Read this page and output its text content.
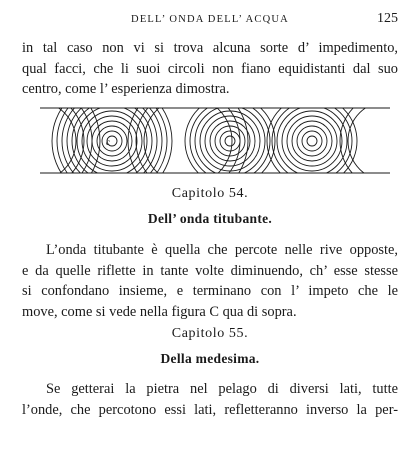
DELL’ ONDA DELL’ ACQUA	125
in tal caso non vi si trova alcuna sorte d’ impedimento,
qual facci, che li suoi circoli non fiano equidistanti dal suo
centro, come l’ esperienza dimostra.
c
Capitolo 54.
Dell’ onda titubante.
L’onda titubante è quella che percote nelle rive opposte,
e da quelle riflette in tante volte diminuendo, ch’ esse stesse
si confondano insieme, e terminano con l’ impeto che le
move, come si vede nella figura C qua di sopra.
Capitolo 55.
Della medesima.
Se getterai la pietra nel pelago di diversi lati, tutte
l’onde, che percotono essi lati, refletteranno inverso la per-
